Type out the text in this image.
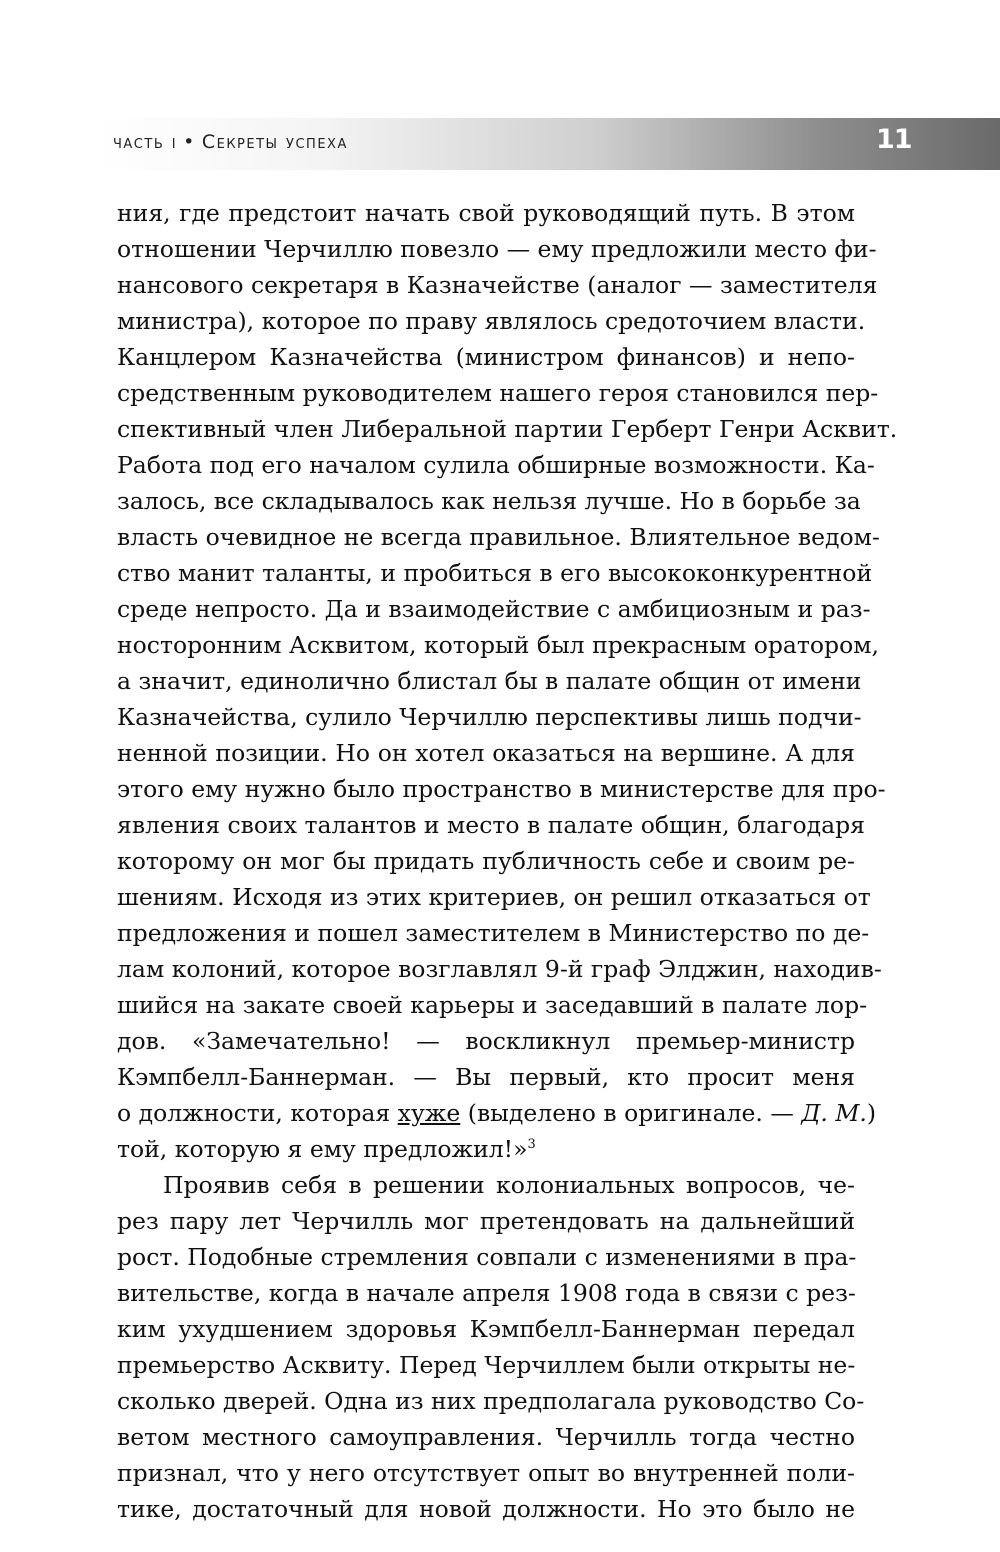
часть i • Секреты успеха	11
ния, где предстоит начать свой руководящий путь. В этом
отношении Черчиллю повезло — ему предложили место фи-
нансового секретаря в Казначействе (аналог — заместителя
министра), которое по праву являлось средоточием власти.
Канцлером Казначейства (министром финансов) и непо-
средственным руководителем нашего героя становился пер-
спективный член Либеральной партии Герберт Генри Асквит.
Работа под его началом сулила обширные возможности. Ка-
залось, все складывалось как нельзя лучше. Но в борьбе за
власть очевидное не всегда правильное. Влиятельное ведом-
ство манит таланты, и пробиться в его высококонкурентной
среде непросто. Да и взаимодействие с амбициозным и раз-
носторонним Асквитом, который был прекрасным оратором,
а значит, единолично блистал бы в палате общин от имени
Казначейства, сулило Черчиллю перспективы лишь подчи-
ненной позиции. Но он хотел оказаться на вершине. А для
этого ему нужно было пространство в министерстве для про-
явления своих талантов и место в палате общин, благодаря
которому он мог бы придать публичность себе и своим ре-
шениям. Исходя из этих критериев, он решил отказаться от
предложения и пошел заместителем в Министерство по де-
лам колоний, которое возглавлял 9-й граф Элджин, находив-
шийся на закате своей карьеры и заседавший в палате лор-
дов. «Замечательно! — воскликнул премьер-министр
Кэмпбелл-Баннерман. — Вы первый, кто просит меня
о должности, которая хуже (выделено в оригинале. — Д. М.)
той, которую я ему предложил!»$^3$
Проявив себя в решении колониальных вопросов, че-
рез пару лет Черчилль мог претендовать на дальнейший
рост. Подобные стремления совпали с изменениями в пра-
вительстве, когда в начале апреля 1908 года в связи с рез-
ким ухудшением здоровья Кэмпбелл-Баннерман передал
премьерство Асквиту. Перед Черчиллем были открыты не-
сколько дверей. Одна из них предполагала руководство Со-
ветом местного самоуправления. Черчилль тогда честно
признал, что у него отсутствует опыт во внутренней поли-
тике, достаточный для новой должности. Но это было не
